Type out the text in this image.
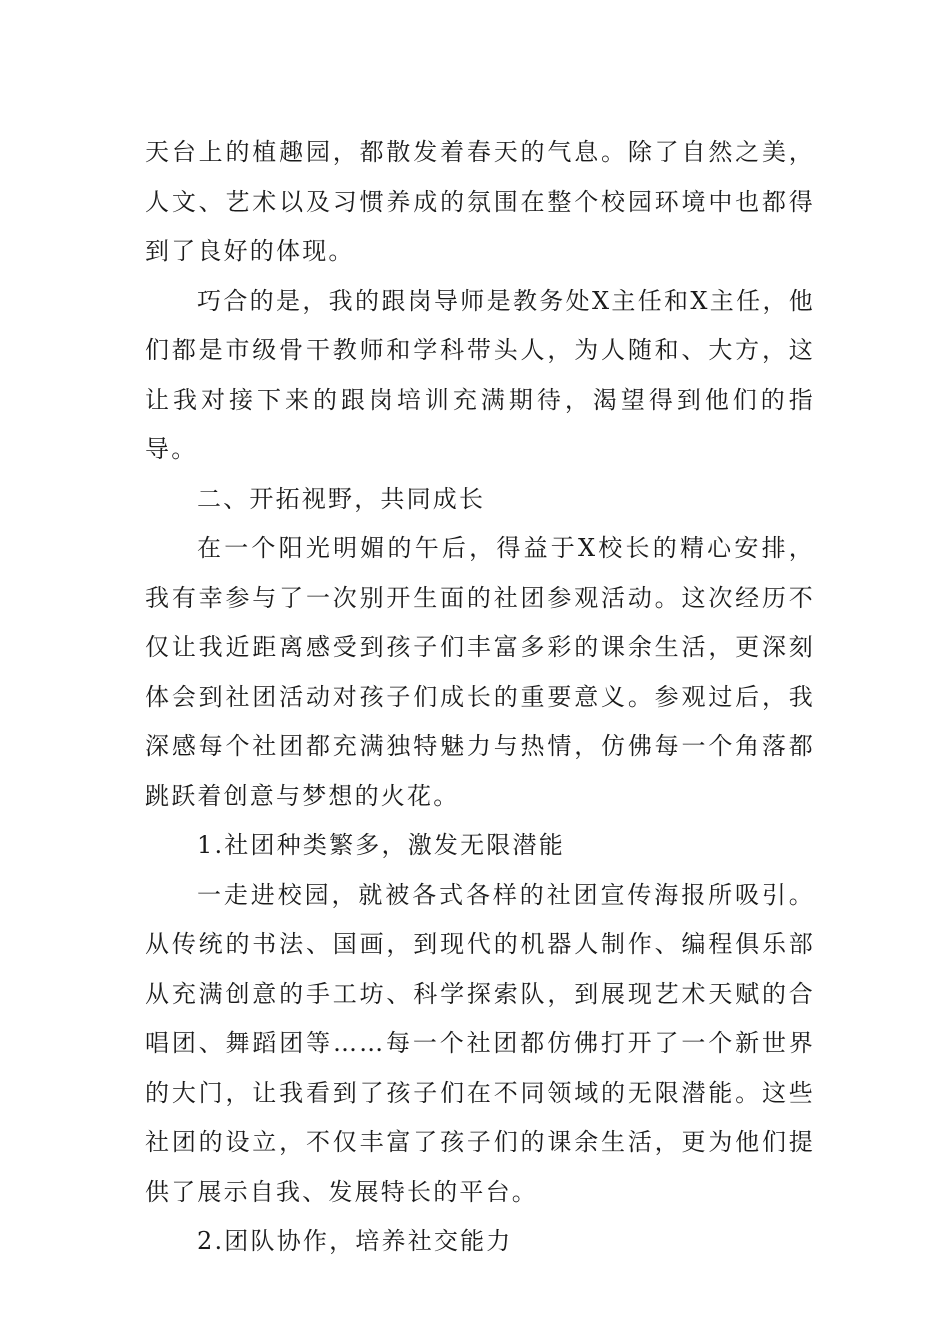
天台上的植趣园，都散发着春天的气息。除了自然之美，人文、艺术以及习惯养成的氛围在整个校园环境中也都得到了良好的体现。

巧合的是，我的跟岗导师是教务处X主任和X主任，他们都是市级骨干教师和学科带头人，为人随和、大方，这让我对接下来的跟岗培训充满期待，渴望得到他们的指导。

二、开拓视野，共同成长

在一个阳光明媚的午后，得益于X校长的精心安排，我有幸参与了一次别开生面的社团参观活动。这次经历不仅让我近距离感受到孩子们丰富多彩的课余生活，更深刻体会到社团活动对孩子们成长的重要意义。参观过后，我深感每个社团都充满独特魅力与热情，仿佛每一个角落都跳跃着创意与梦想的火花。

1.社团种类繁多，激发无限潜能

一走进校园，就被各式各样的社团宣传海报所吸引。从传统的书法、国画，到现代的机器人制作、编程俱乐部从充满创意的手工坊、科学探索队，到展现艺术天赋的合唱团、舞蹈团等……每一个社团都仿佛打开了一个新世界的大门，让我看到了孩子们在不同领域的无限潜能。这些社团的设立，不仅丰富了孩子们的课余生活，更为他们提供了展示自我、发展特长的平台。

2.团队协作，培养社交能力
